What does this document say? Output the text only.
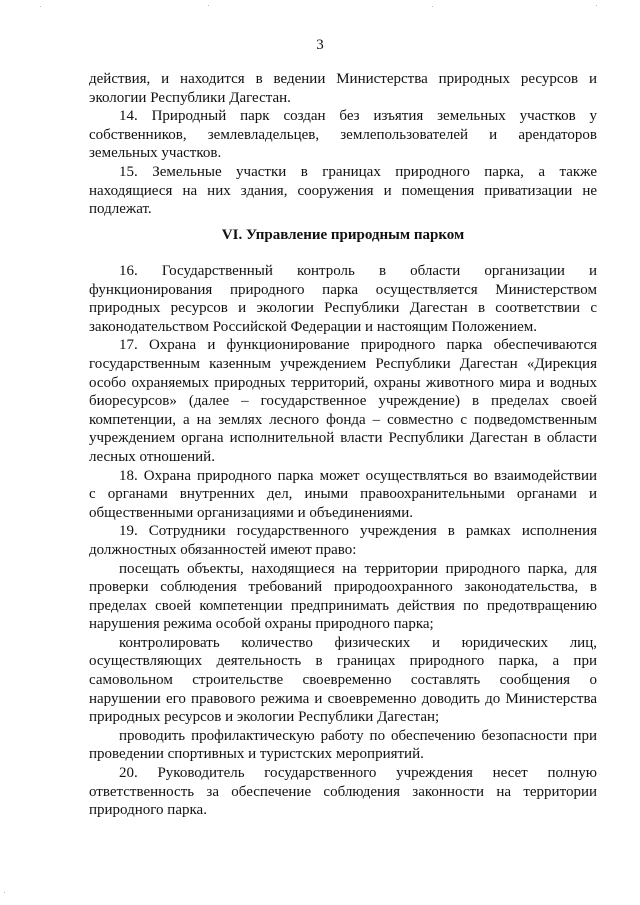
3
действия, и находится в ведении Министерства природных ресурсов и
экологии Республики Дагестан.
14. Природный парк создан без изъятия земельных участков у
собственников, землевладельцев, землепользователей и арендаторов
земельных участков.
15. Земельные участки в границах природного парка, а также
находящиеся на них здания, сооружения и помещения приватизации не
подлежат.
VI. Управление природным парком
16. Государственный контроль в области организации и
функционирования природного парка осуществляется Министерством
природных ресурсов и экологии Республики Дагестан в соответствии с
законодательством Российской Федерации и настоящим Положением.
17. Охрана и функционирование природного парка обеспечиваются
государственным казенным учреждением Республики Дагестан «Дирекция
особо охраняемых природных территорий, охраны животного мира и водных
биоресурсов» (далее – государственное учреждение) в пределах своей
компетенции, а на землях лесного фонда – совместно с подведомственным
учреждением органа исполнительной власти Республики Дагестан в области
лесных отношений.
18. Охрана природного парка может осуществляться во взаимодействии
с органами внутренних дел, иными правоохранительными органами и
общественными организациями и объединениями.
19. Сотрудники государственного учреждения в рамках исполнения
должностных обязанностей имеют право:
посещать объекты, находящиеся на территории природного парка, для
проверки соблюдения требований природоохранного законодательства, в
пределах своей компетенции предпринимать действия по предотвращению
нарушения режима особой охраны природного парка;
контролировать количество физических и юридических лиц,
осуществляющих деятельность в границах природного парка, а при
самовольном строительстве своевременно составлять сообщения о
нарушении его правового режима и своевременно доводить до Министерства
природных ресурсов и экологии Республики Дагестан;
проводить профилактическую работу по обеспечению безопасности при
проведении спортивных и туристских мероприятий.
20. Руководитель государственного учреждения несет полную
ответственность за обеспечение соблюдения законности на территории
природного парка.
